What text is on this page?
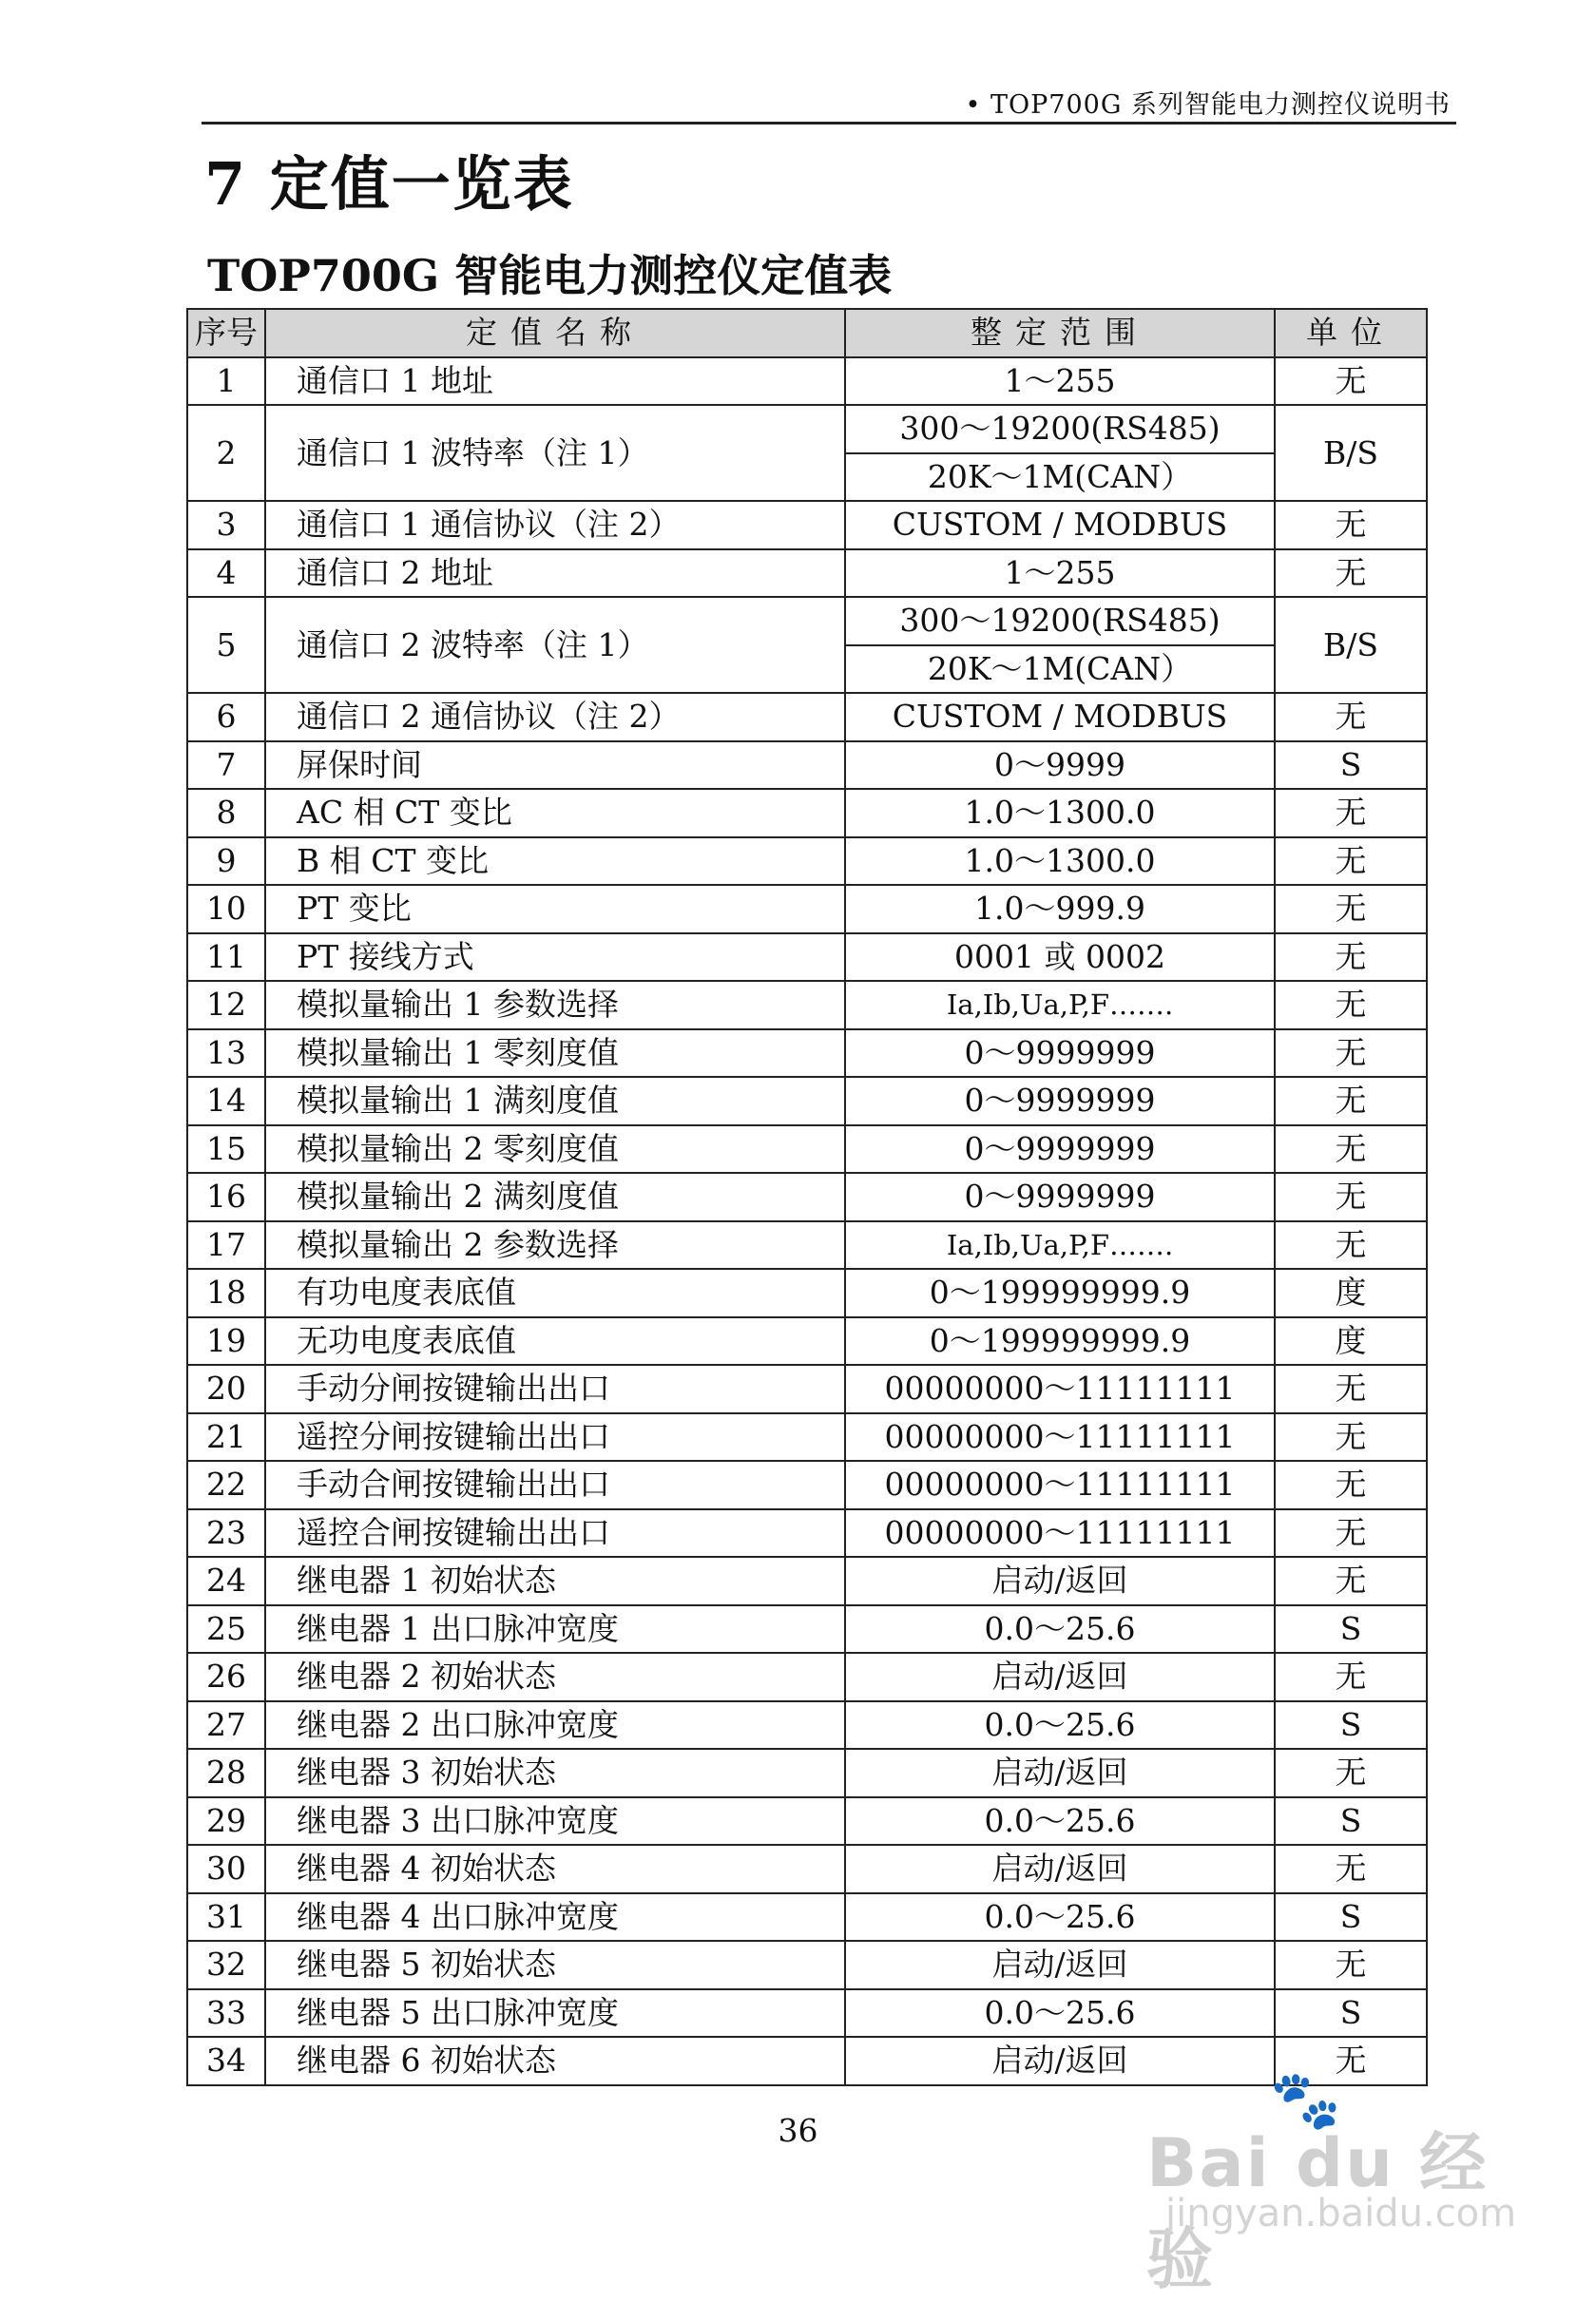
• TOP700G 系列智能电力测控仪说明书
7 定值一览表
TOP700G 智能电力测控仪定值表
序号	定值名称	整定范围	单位
1	通信口 1 地址	1～255	无
2	通信口 1 波特率（注 1）	300～19200(RS485)	B/S
		20K～1M(CAN）	
3	通信口 1 通信协议（注 2）	CUSTOM / MODBUS	无
4	通信口 2 地址	1～255	无
5	通信口 2 波特率（注 1）	300～19200(RS485)	B/S
		20K～1M(CAN）	
6	通信口 2 通信协议（注 2）	CUSTOM / MODBUS	无
7	屏保时间	0～9999	S
8	AC 相 CT 变比	1.0～1300.0	无
9	B 相 CT 变比	1.0～1300.0	无
10	PT 变比	1.0～999.9	无
11	PT 接线方式	0001 或 0002	无
12	模拟量输出 1 参数选择	Ia,Ib,Ua,P,F…….	无
13	模拟量输出 1 零刻度值	0～9999999	无
14	模拟量输出 1 满刻度值	0～9999999	无
15	模拟量输出 2 零刻度值	0～9999999	无
16	模拟量输出 2 满刻度值	0～9999999	无
17	模拟量输出 2 参数选择	Ia,Ib,Ua,P,F…….	无
18	有功电度表底值	0～199999999.9	度
19	无功电度表底值	0～199999999.9	度
20	手动分闸按键输出出口	00000000～11111111	无
21	遥控分闸按键输出出口	00000000～11111111	无
22	手动合闸按键输出出口	00000000～11111111	无
23	遥控合闸按键输出出口	00000000～11111111	无
24	继电器 1 初始状态	启动/返回	无
25	继电器 1 出口脉冲宽度	0.0～25.6	S
26	继电器 2 初始状态	启动/返回	无
27	继电器 2 出口脉冲宽度	0.0～25.6	S
28	继电器 3 初始状态	启动/返回	无
29	继电器 3 出口脉冲宽度	0.0～25.6	S
30	继电器 4 初始状态	启动/返回	无
31	继电器 4 出口脉冲宽度	0.0～25.6	S
32	继电器 5 初始状态	启动/返回	无
33	继电器 5 出口脉冲宽度	0.0～25.6	S
34	继电器 6 初始状态	启动/返回	无
36	🐾
Bai du 经验
jingyan.baidu.com
